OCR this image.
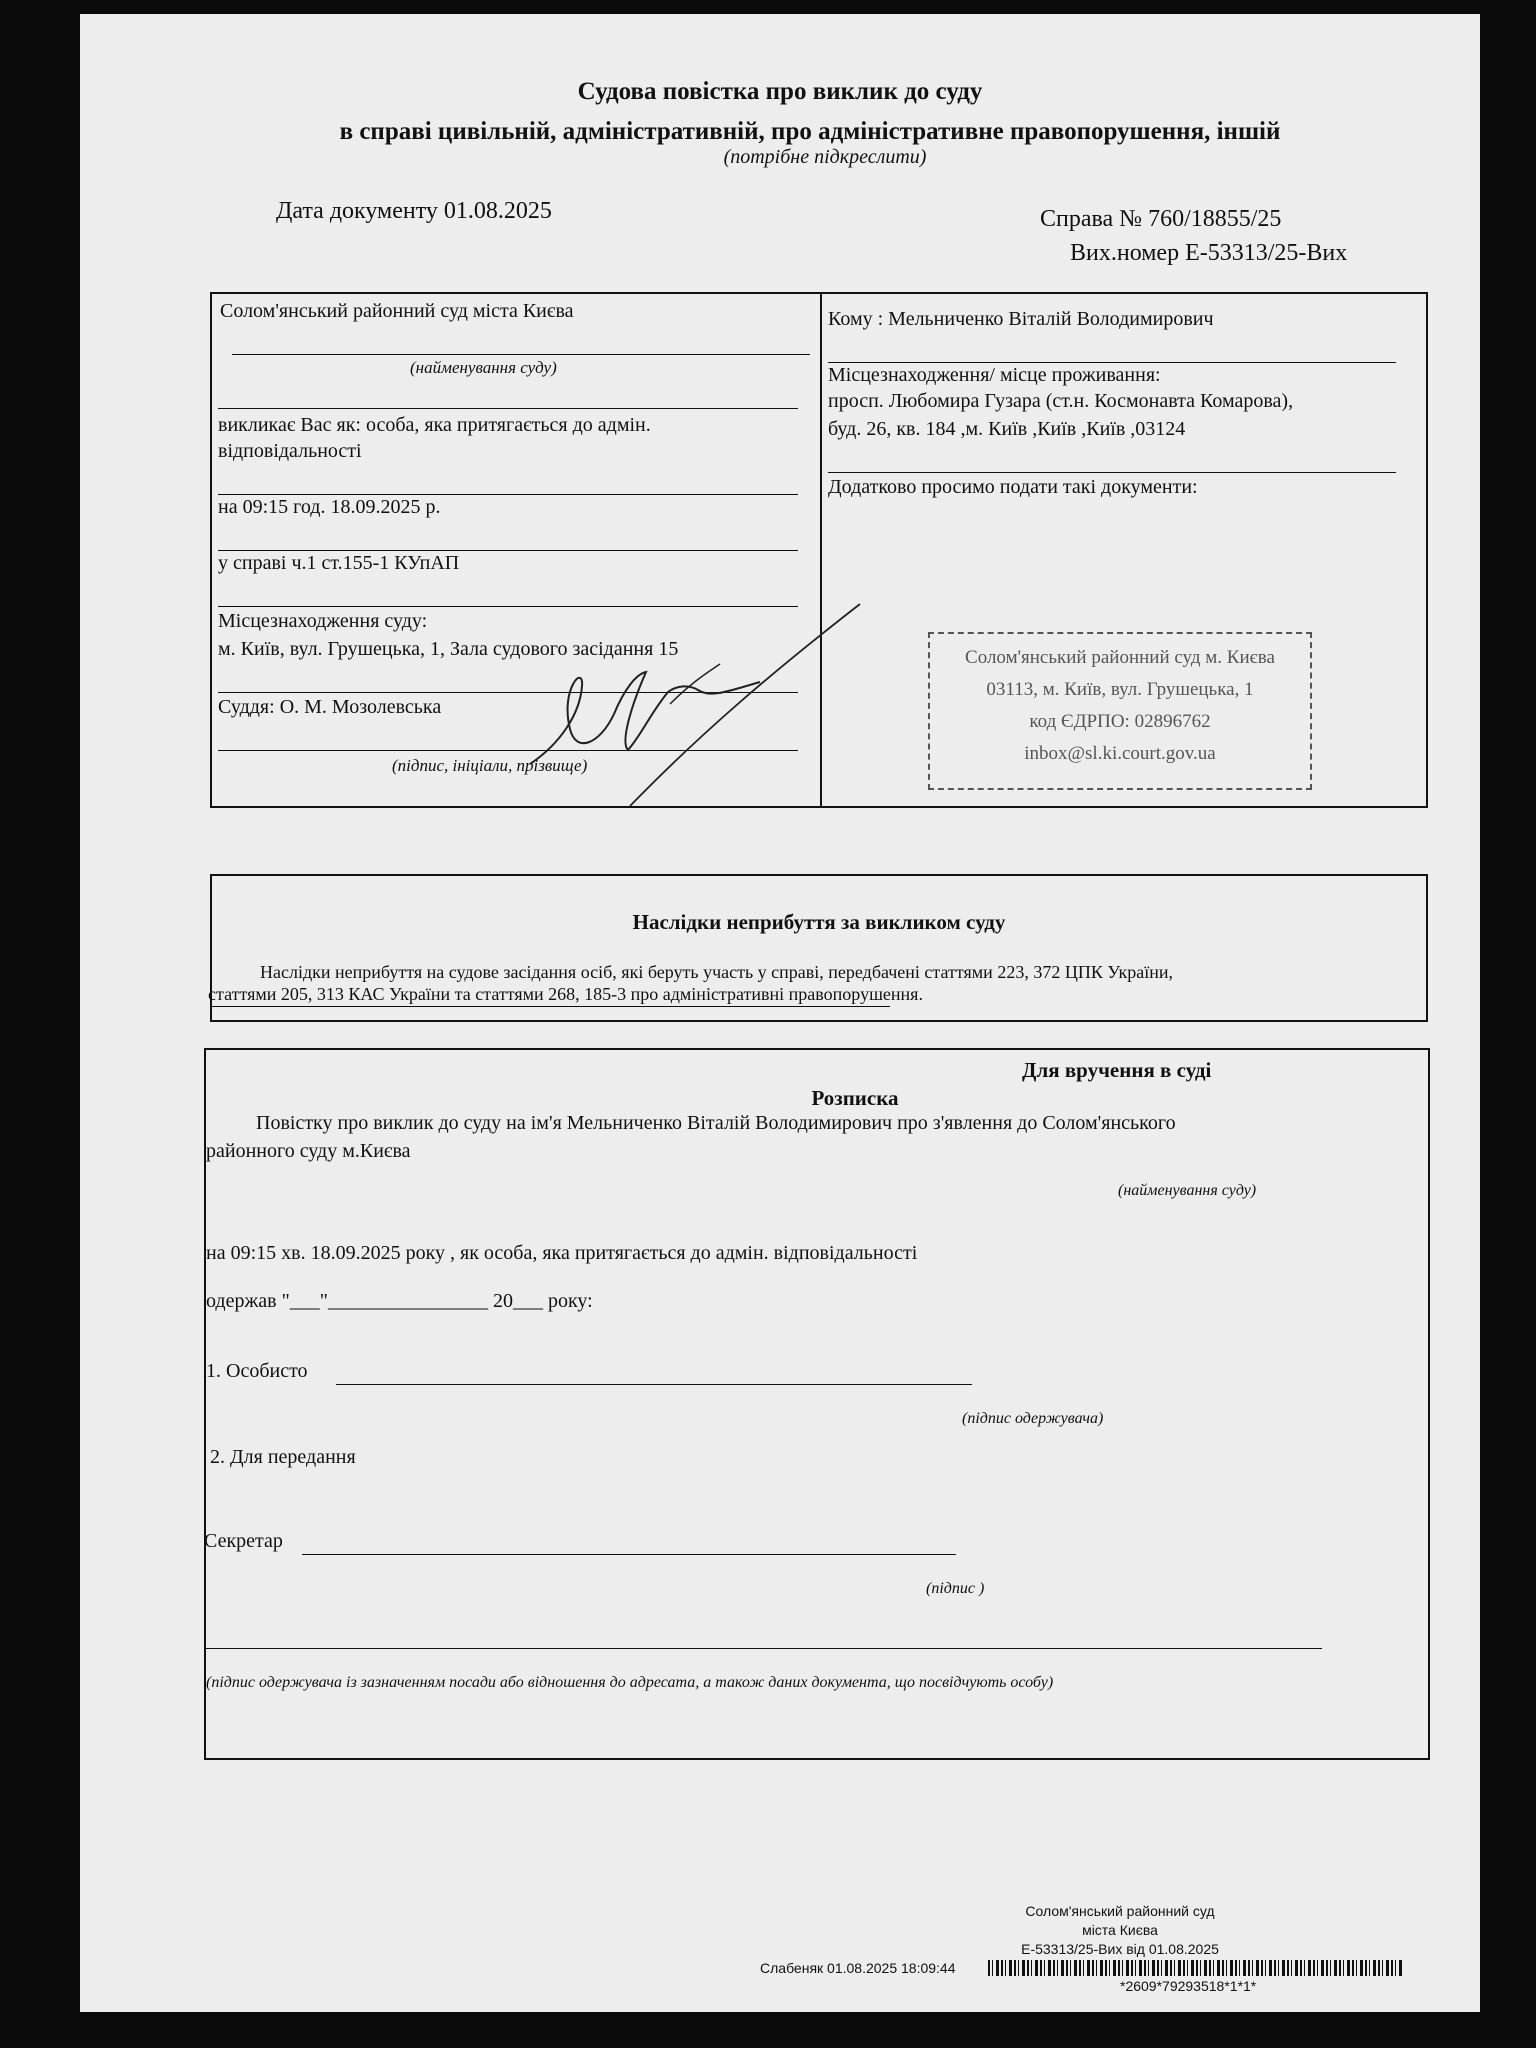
Судова повістка про виклик до суду
в справі цивільній, адміністративній, про адміністративне правопорушення, іншій
(потрібне підкреслити)
Дата документу 01.08.2025	Справа № 760/18855/25
Вих.номер Е-53313/25-Вих
Солом'янський районний суд міста Києва
(найменування суду)
викликає Вас як: особа, яка притягається до адмін.
відповідальності
на 09:15 год. 18.09.2025 р.
у справі ч.1 ст.155-1 КУпАП
Місцезнаходження суду:
м. Київ, вул. Грушецька, 1, Зала судового засідання 15
Суддя: О. М. Мозолевська
(підпис, ініціали, прізвище)
Кому : Мельниченко Віталій Володимирович
Місцезнаходження/ місце проживання:
просп. Любомира Гузара (ст.н. Космонавта Комарова),
буд. 26, кв. 184 ,м. Київ ,Київ ,Київ ,03124
Додатково просимо подати такі документи:
Солом'янський районний суд м. Києва
03113, м. Київ, вул. Грушецька, 1
код ЄДРПО: 02896762
inbox@sl.ki.court.gov.ua
Наслідки неприбуття за викликом суду
Наслідки неприбуття на судове засідання осіб, які беруть участь у справі, передбачені статтями 223, 372 ЦПК України,
статтями 205, 313 КАС України та статтями 268, 185-3 про адміністративні правопорушення.
Для вручення в суді
Розписка
Повістку про виклик до суду на ім'я Мельниченко Віталій Володимирович про з'явлення до Солом'янського
районного суду м.Києва
(найменування суду)
на 09:15 хв. 18.09.2025 року , як особа, яка притягається до адмін. відповідальності
одержав "___"________________ 20___ року:
1. Особисто
(підпис одержувача)
2. Для передання
Секретар
(підпис )
(підпис одержувача із зазначенням посади або відношення до адресата, а також даних документа, що посвідчують особу)
Солом'янський районний суд
міста Києва
Е-53313/25-Вих від 01.08.2025
Слабеняк 01.08.2025 18:09:44
*2609*79293518*1*1*
